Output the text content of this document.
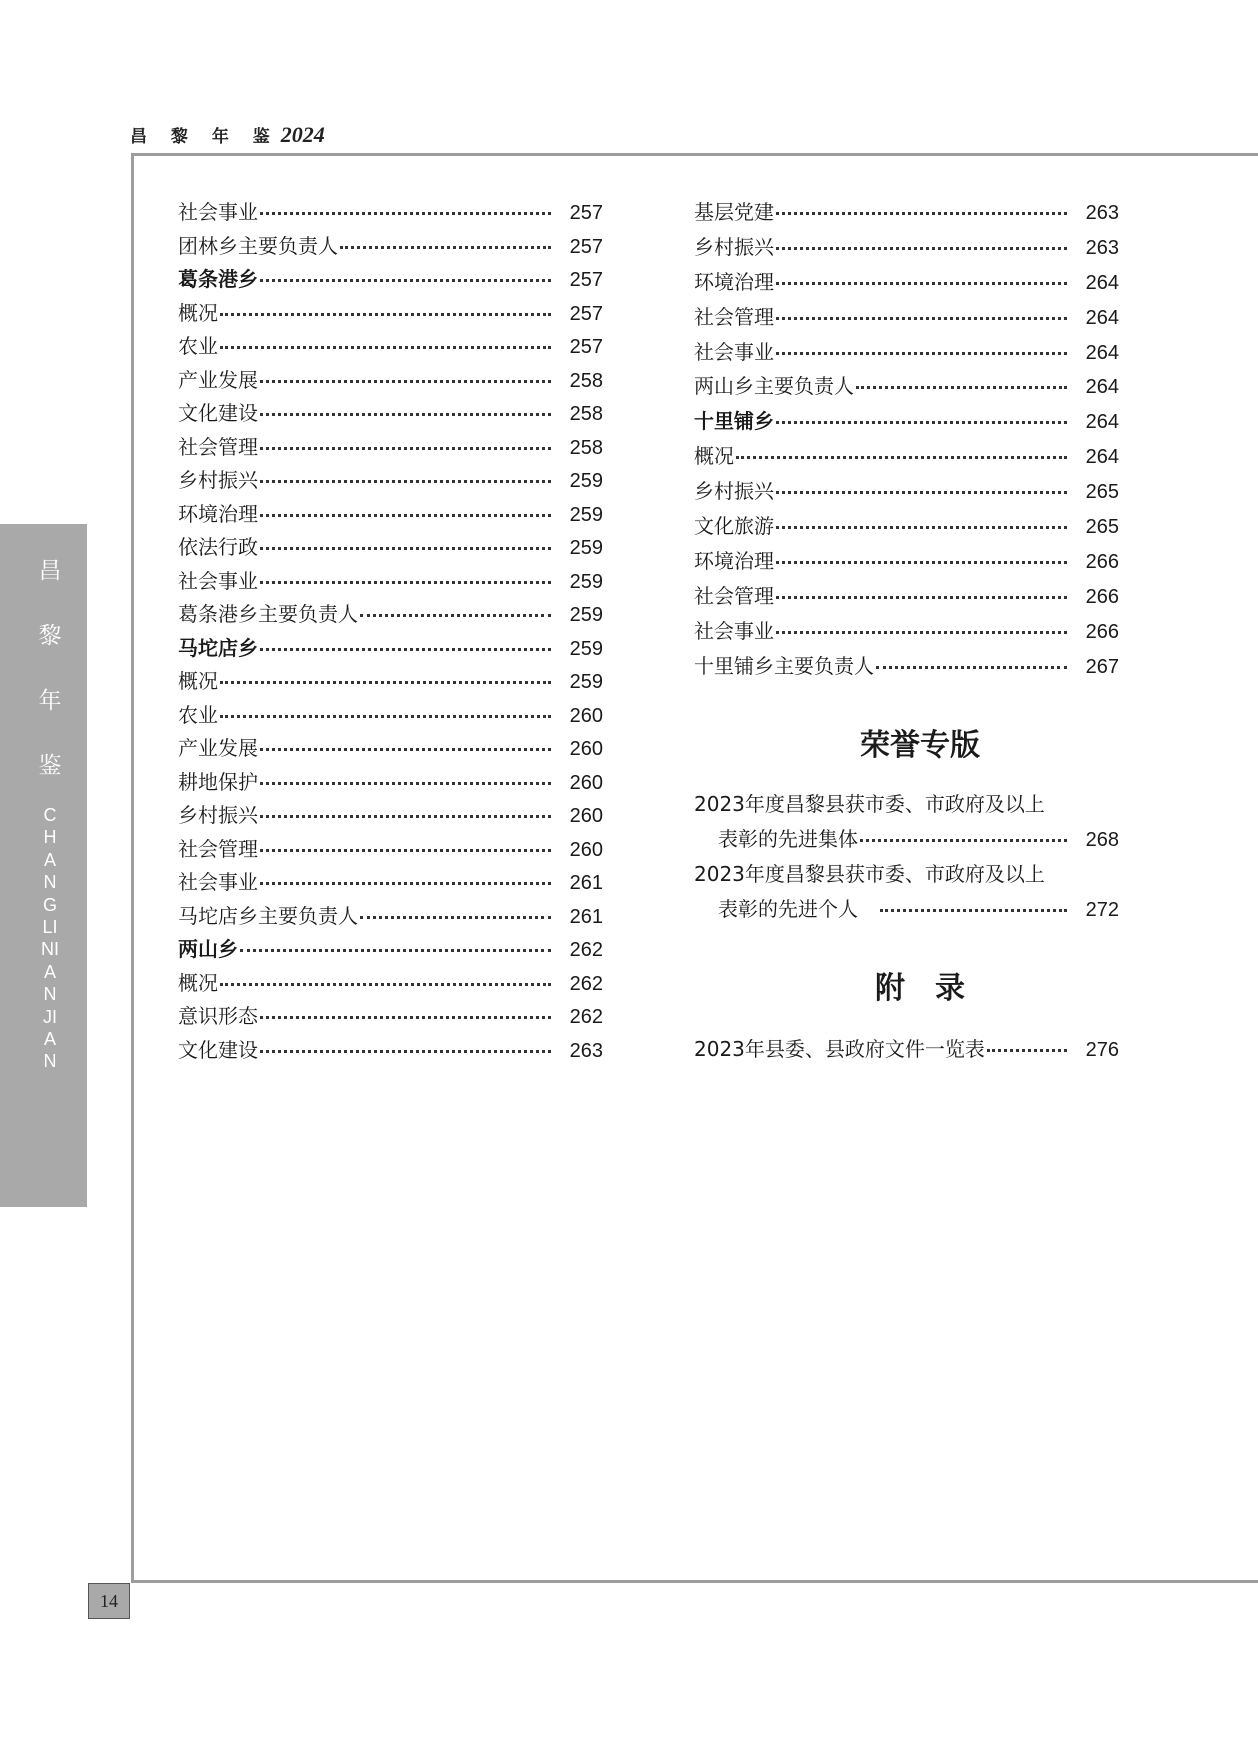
昌 黎 年 鉴2024
昌
黎
年
鉴
CHANGLINIANJIAN
14
社会事业	257
团林乡主要负责人	257
葛条港乡	257
概况	257
农业	257
产业发展	258
文化建设	258
社会管理	258
乡村振兴	259
环境治理	259
依法行政	259
社会事业	259
葛条港乡主要负责人	259
马坨店乡	259
概况	259
农业	260
产业发展	260
耕地保护	260
乡村振兴	260
社会管理	260
社会事业	261
马坨店乡主要负责人	261
两山乡	262
概况	262
意识形态	262
文化建设	263
基层党建	263
乡村振兴	263
环境治理	264
社会管理	264
社会事业	264
两山乡主要负责人	264
十里铺乡	264
概况	264
乡村振兴	265
文化旅游	265
环境治理	266
社会管理	266
社会事业	266
十里铺乡主要负责人	267
荣誉专版
2023年度昌黎县获市委、市政府及以上
表彰的先进集体	268
2023年度昌黎县获市委、市政府及以上
表彰的先进个人	272
附　录
2023年县委、县政府文件一览表	276
